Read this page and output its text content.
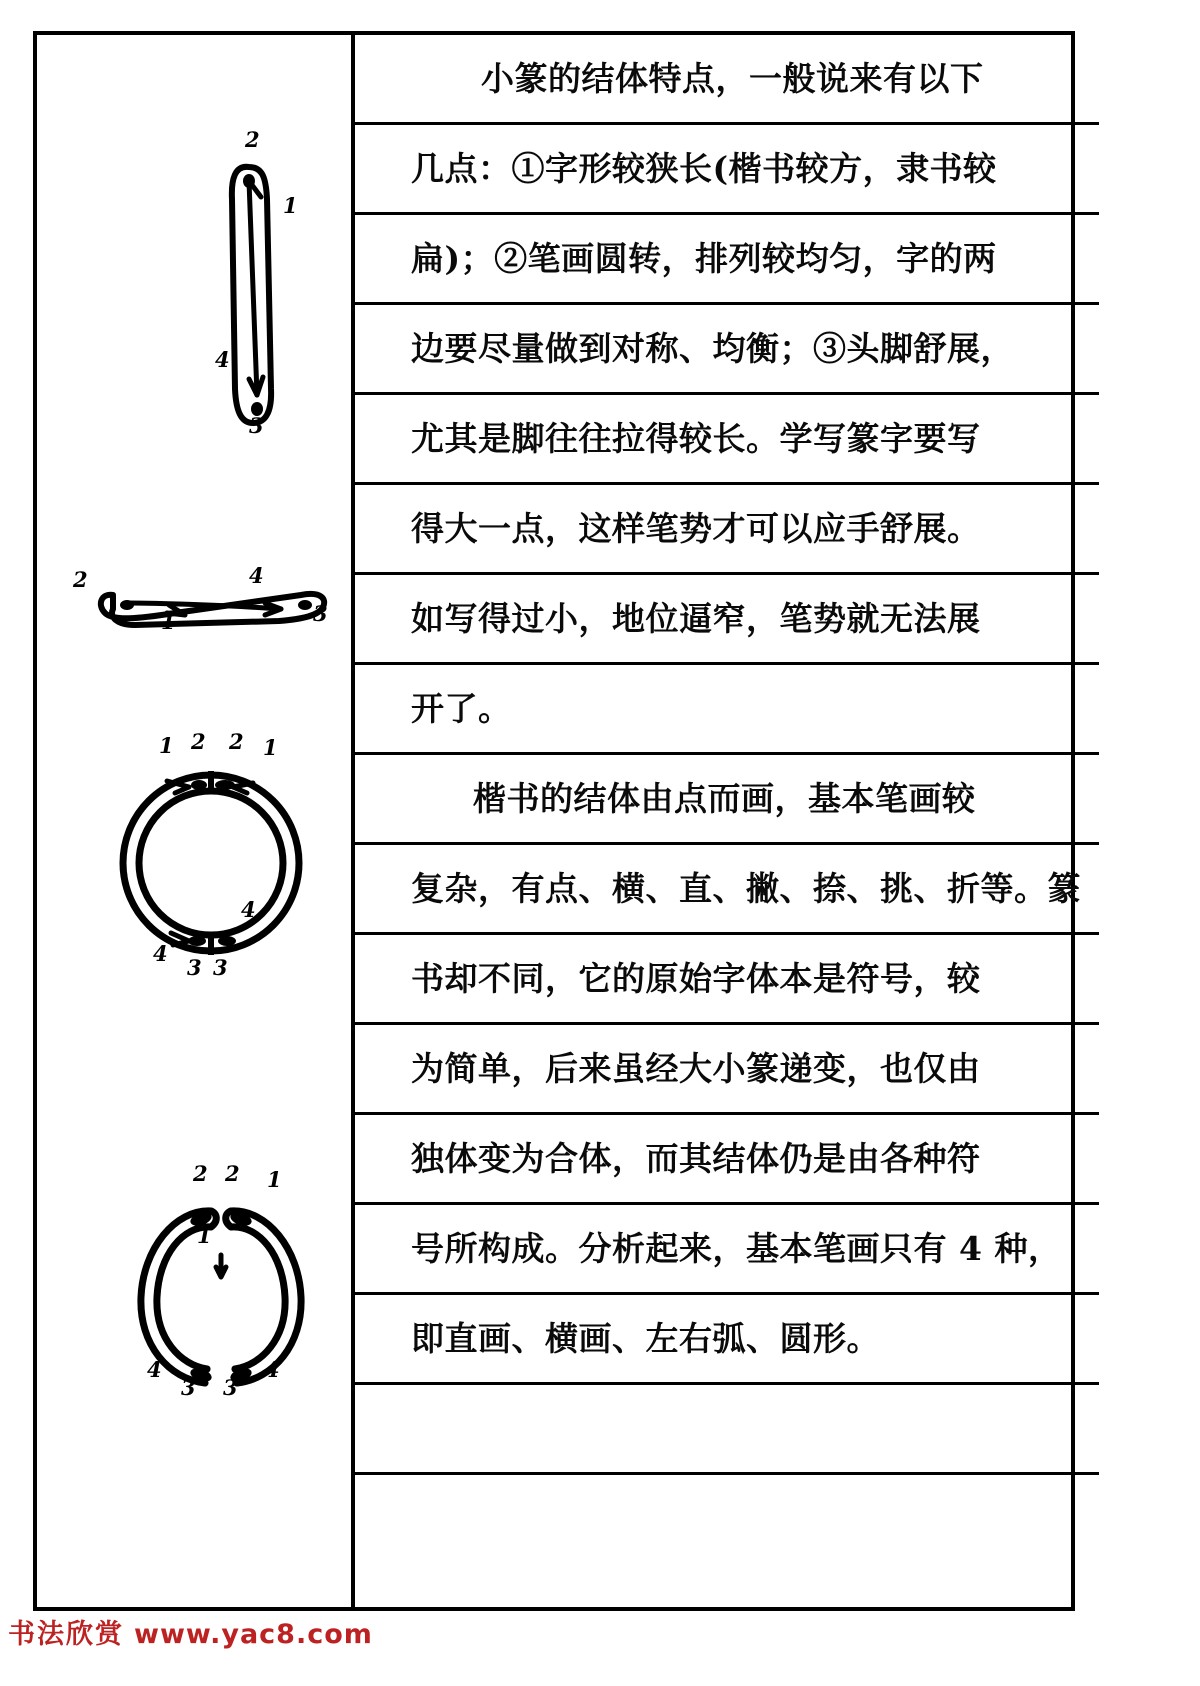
2
1
4
3
2	4
1	3
1 2 2 1
4
4
3 3
2 2 1
1
4
3 3
4
小篆的结体特点，一般说来有以下
几点：①字形较狭长(楷书较方，隶书较
扁)；②笔画圆转，排列较均匀，字的两
边要尽量做到对称、均衡；③头脚舒展，
尤其是脚往往拉得较长。学写篆字要写
得大一点，这样笔势才可以应手舒展。
如写得过小，地位逼窄，笔势就无法展
开了。
楷书的结体由点而画，基本笔画较
复杂，有点、横、直、撇、捺、挑、折等。篆
书却不同，它的原始字体本是符号，较
为简单，后来虽经大小篆递变，也仅由
独体变为合体，而其结体仍是由各种符
号所构成。分析起来，基本笔画只有 4 种，
即直画、横画、左右弧、圆形。
书法欣赏 www.yac8.com
